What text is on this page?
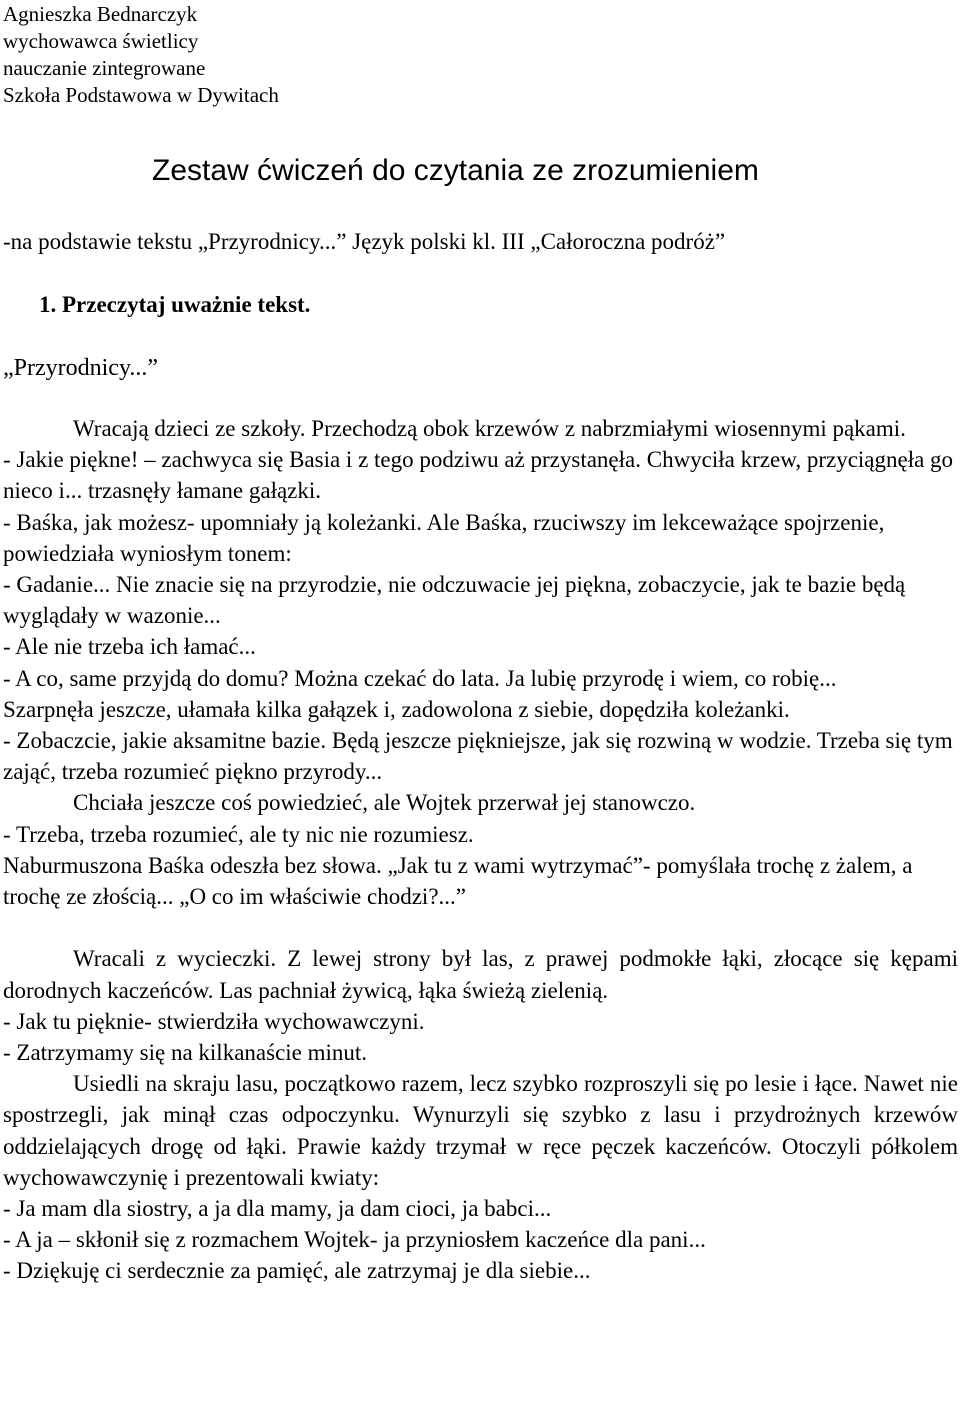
Agnieszka Bednarczyk
wychowawca świetlicy
nauczanie zintegrowane
Szkoła Podstawowa w Dywitach
Zestaw ćwiczeń do czytania ze zrozumieniem
-na podstawie tekstu „Przyrodnicy...” Język polski kl. III „Całoroczna podróż”
1. Przeczytaj uważnie tekst.
„Przyrodnicy...”

Wracają dzieci ze szkoły. Przechodzą obok krzewów z nabrzmiałymi wiosennymi pąkami.

- Jakie piękne! – zachwyca się Basia i z tego podziwu aż przystanęła. Chwyciła krzew, przyciągnęła go nieco i... trzasnęły łamane gałązki.

- Baśka, jak możesz- upomniały ją koleżanki. Ale Baśka, rzuciwszy im lekceważące spojrzenie, powiedziała wyniosłym tonem:

- Gadanie... Nie znacie się na przyrodzie, nie odczuwacie jej piękna, zobaczycie, jak te bazie będą wyglądały w wazonie...

- Ale nie trzeba ich łamać...

- A co, same przyjdą do domu? Można czekać do lata. Ja lubię przyrodę i wiem, co robię...

Szarpnęła jeszcze, ułamała kilka gałązek i, zadowolona z siebie, dopędziła koleżanki.

- Zobaczcie, jakie aksamitne bazie. Będą jeszcze piękniejsze, jak się rozwiną w wodzie. Trzeba się tym zająć, trzeba rozumieć piękno przyrody...

Chciała jeszcze coś powiedzieć, ale Wojtek przerwał jej stanowczo.

- Trzeba, trzeba rozumieć, ale ty nic nie rozumiesz.

Naburmuszona Baśka odeszła bez słowa. „Jak tu z wami wytrzymać”- pomyślała trochę z żalem, a trochę ze złością... „O co im właściwie chodzi?...”

Wracali z wycieczki. Z lewej strony był las, z prawej podmokłe łąki, złocące się kępami dorodnych kaczeńców. Las pachniał żywicą, łąka świeżą zielenią.

- Jak tu pięknie- stwierdziła wychowawczyni.

- Zatrzymamy się na kilkanaście minut.

Usiedli na skraju lasu, początkowo razem, lecz szybko rozproszyli się po lesie i łące. Nawet nie spostrzegli, jak minął czas odpoczynku. Wynurzyli się szybko z lasu i przydrożnych krzewów oddzielających drogę od łąki. Prawie każdy trzymał w ręce pęczek kaczeńców. Otoczyli półkolem wychowawczynię i prezentowali kwiaty:

- Ja mam dla siostry, a ja dla mamy, ja dam cioci, ja babci...

- A ja – skłonił się z rozmachem Wojtek- ja przyniosłem kaczeńce dla pani...

- Dziękuję ci serdecznie za pamięć, ale zatrzymaj je dla siebie...
